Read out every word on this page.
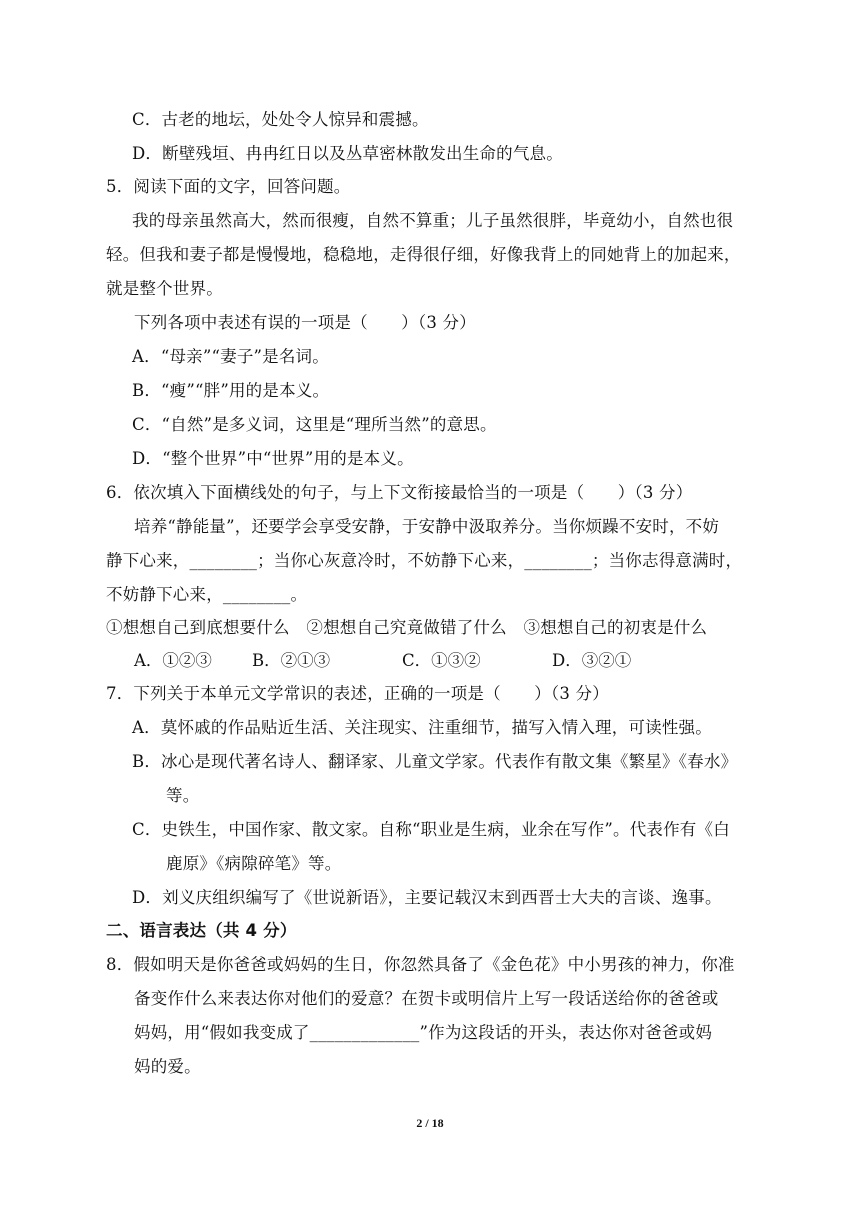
C．古老的地坛，处处令人惊异和震撼。
D．断壁残垣、冉冉红日以及丛草密林散发出生命的气息。
5．阅读下面的文字，回答问题。
我的母亲虽然高大，然而很瘦，自然不算重；儿子虽然很胖，毕竟幼小，自然也很
轻。但我和妻子都是慢慢地，稳稳地，走得很仔细，好像我背上的同她背上的加起来，
就是整个世界。
下列各项中表述有误的一项是（　　）（3 分）
A．“母亲”“妻子”是名词。
B．“瘦”“胖”用的是本义。
C．“自然”是多义词，这里是“理所当然”的意思。
D．“整个世界”中“世界”用的是本义。
6．依次填入下面横线处的句子，与上下文衔接最恰当的一项是（　　）（3 分）
培养“静能量”，还要学会享受安静，于安静中汲取养分。当你烦躁不安时，不妨
静下心来，________；当你心灰意冷时，不妨静下心来，________；当你志得意满时，
不妨静下心来，________。
①想想自己到底想要什么　②想想自己究竟做错了什么　③想想自己的初衷是什么
A．①②③ B．②①③	C．①③②	D．③②①
7．下列关于本单元文学常识的表述，正确的一项是（　　）（3 分）
A．莫怀戚的作品贴近生活、关注现实、注重细节，描写入情入理，可读性强。
B．冰心是现代著名诗人、翻译家、儿童文学家。代表作有散文集《繁星》《春水》
等。
C．史铁生，中国作家、散文家。自称“职业是生病，业余在写作”。代表作有《白
鹿原》《病隙碎笔》等。
D．刘义庆组织编写了《世说新语》，主要记载汉末到西晋士大夫的言谈、逸事。
二、语言表达（共 4 分）
8．假如明天是你爸爸或妈妈的生日，你忽然具备了《金色花》中小男孩的神力，你准
备变作什么来表达你对他们的爱意？在贺卡或明信片上写一段话送给你的爸爸或
妈妈，用“假如我变成了_____________”作为这段话的开头，表达你对爸爸或妈
妈的爱。
2 / 18
